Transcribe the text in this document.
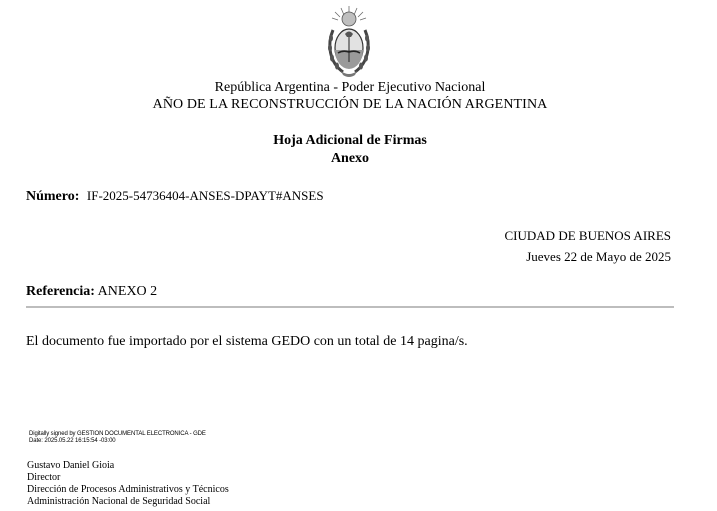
República Argentina - Poder Ejecutivo Nacional
AÑO DE LA RECONSTRUCCIÓN DE LA NACIÓN ARGENTINA
Hoja Adicional de Firmas
Anexo
Número: IF-2025-54736404-ANSES-DPAYT#ANSES
CIUDAD DE BUENOS AIRES
Jueves 22 de Mayo de 2025
Referencia: ANEXO 2
El documento fue importado por el sistema GEDO con un total de 14 pagina/s.
Digitally signed by GESTION DOCUMENTAL ELECTRONICA - GDE
Date: 2025.05.22 16:15:54 -03:00
Gustavo Daniel Gioia
Director
Dirección de Procesos Administrativos y Técnicos
Administración Nacional de Seguridad Social
